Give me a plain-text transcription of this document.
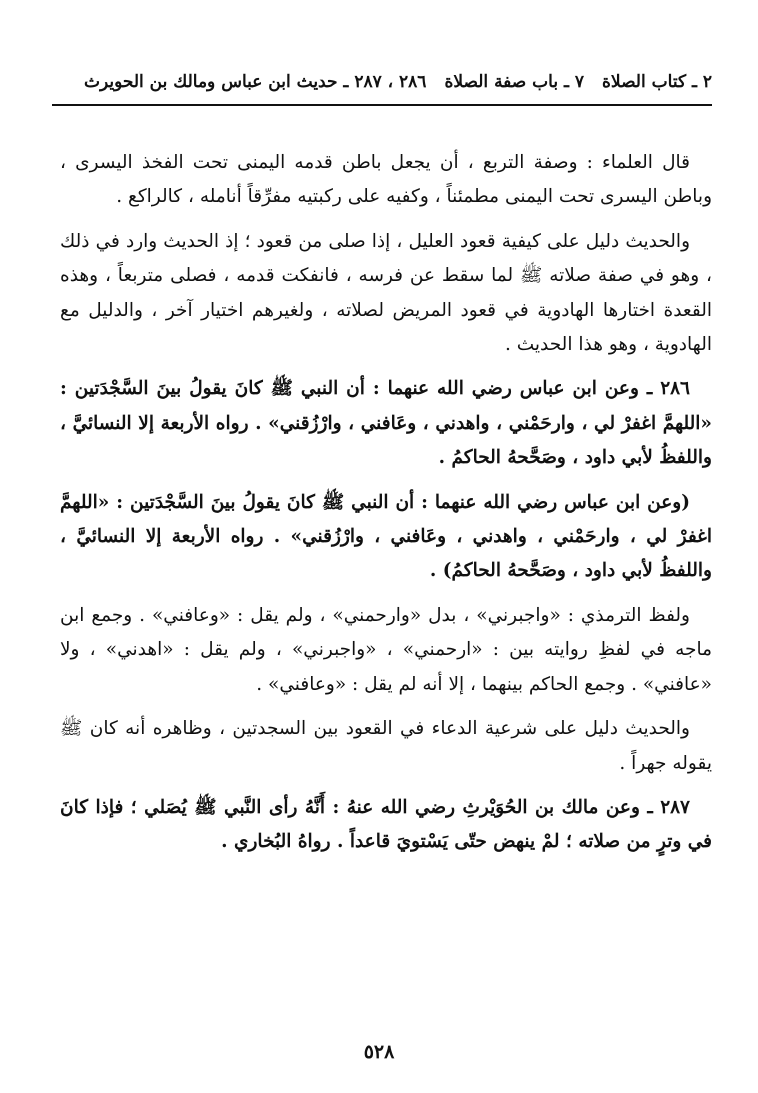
٢ ـ كتاب الصلاة
٧ ـ باب صفة الصلاة
٢٨٦ ، ٢٨٧ ـ حديث ابن عباس ومالك بن الحويرث

قال العلماء : وصفة التربع ، أن يجعل باطن قدمه اليمنى تحت الفخذ اليسرى ، وباطن اليسرى تحت اليمنى مطمئناً ، وكفيه على ركبتيه مفرِّقاً أنامله ، كالراكع .

والحديث دليل على كيفية قعود العليل ، إذا صلى من قعود ؛ إذ الحديث وارد في ذلك ، وهو في صفة صلاته ﷺ لما سقط عن فرسه ، فانفكت قدمه ، فصلى متربعاً ، وهذه القعدة اختارها الهادوية في قعود المريض لصلاته ، ولغيرهم اختيار آخر ، والدليل مع الهادوية ، وهو هذا الحديث .

٢٨٦ ـ وعن ابن عباس رضي الله عنهما : أن النبي ﷺ كانَ يقولُ بينَ السَّجْدَتين : «اللهمَّ اغفرْ لي ، وارحَمْني ، واهدني ، وعَافني ، وارْزُقني» . رواه الأربعة إلا النسائيَّ ، واللفظُ لأبي داود ، وصَحَّحهُ الحاكمُ .

(وعن ابن عباس رضي الله عنهما : أن النبي ﷺ كانَ يقولُ بينَ السَّجْدَتين : «اللهمَّ اغفرْ لي ، وارحَمْني ، واهدني ، وعَافني ، وارْزُقني» . رواه الأربعة إلا النسائيَّ ، واللفظُ لأبي داود ، وصَحَّحهُ الحاكمُ) .

ولفظ الترمذي : «واجبرني» ، بدل «وارحمني» ، ولم يقل : «وعافني» . وجمع ابن ماجه في لفظِ روايته بين : «ارحمني» ، «واجبرني» ، ولم يقل : «اهدني» ، ولا «عافني» . وجمع الحاكم بينهما ، إلا أنه لم يقل : «وعافني» .

والحديث دليل على شرعية الدعاء في القعود بين السجدتين ، وظاهره أنه كان ﷺ يقوله جهراً .

٢٨٧ ـ وعن مالك بن الحُوَيْرثِ رضي الله عنهُ : أَنَّهُ رأى النَّبي ﷺ يُصَلي ؛ فإذا كانَ في وترٍ من صلاته ؛ لمْ ينهض حتّى يَسْتويَ قاعداً . رواهُ البُخاري .

٥٢٨
